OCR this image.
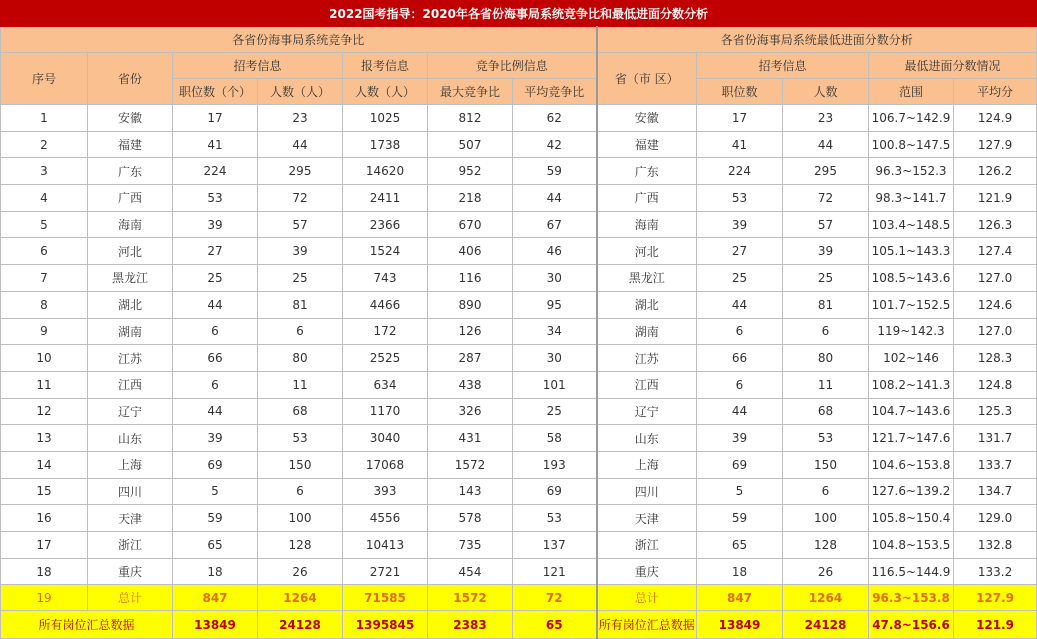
2022国考指导：2020年各省份海事局系统竞争比和最低进面分数分析											
各省份海事局系统竞争比							各省份海事局系统最低进面分数分析				
序号	省份	招考信息		报考信息	竞争比例信息		省（市 区）	招考信息		最低进面分数情况	
		职位数（个）	人数（人）	人数（人）	最大竞争比	平均竞争比		职位数	人数	范围	平均分
1	安徽	17	23	1025	812	62	安徽	17	23	106.7~142.9	124.9
2	福建	41	44	1738	507	42	福建	41	44	100.8~147.5	127.9
3	广东	224	295	14620	952	59	广东	224	295	96.3~152.3	126.2
4	广西	53	72	2411	218	44	广西	53	72	98.3~141.7	121.9
5	海南	39	57	2366	670	67	海南	39	57	103.4~148.5	126.3
6	河北	27	39	1524	406	46	河北	27	39	105.1~143.3	127.4
7	黑龙江	25	25	743	116	30	黑龙江	25	25	108.5~143.6	127.0
8	湖北	44	81	4466	890	95	湖北	44	81	101.7~152.5	124.6
9	湖南	6	6	172	126	34	湖南	6	6	119~142.3	127.0
10	江苏	66	80	2525	287	30	江苏	66	80	102~146	128.3
11	江西	6	11	634	438	101	江西	6	11	108.2~141.3	124.8
12	辽宁	44	68	1170	326	25	辽宁	44	68	104.7~143.6	125.3
13	山东	39	53	3040	431	58	山东	39	53	121.7~147.6	131.7
14	上海	69	150	17068	1572	193	上海	69	150	104.6~153.8	133.7
15	四川	5	6	393	143	69	四川	5	6	127.6~139.2	134.7
16	天津	59	100	4556	578	53	天津	59	100	105.8~150.4	129.0
17	浙江	65	128	10413	735	137	浙江	65	128	104.8~153.5	132.8
18	重庆	18	26	2721	454	121	重庆	18	26	116.5~144.9	133.2
19	总计	847	1264	71585	1572	72	总计	847	1264	96.3~153.8	127.9
所有岗位汇总数据		13849	24128	1395845	2383	65	所有岗位汇总数据	13849	24128	47.8~156.6	121.9
